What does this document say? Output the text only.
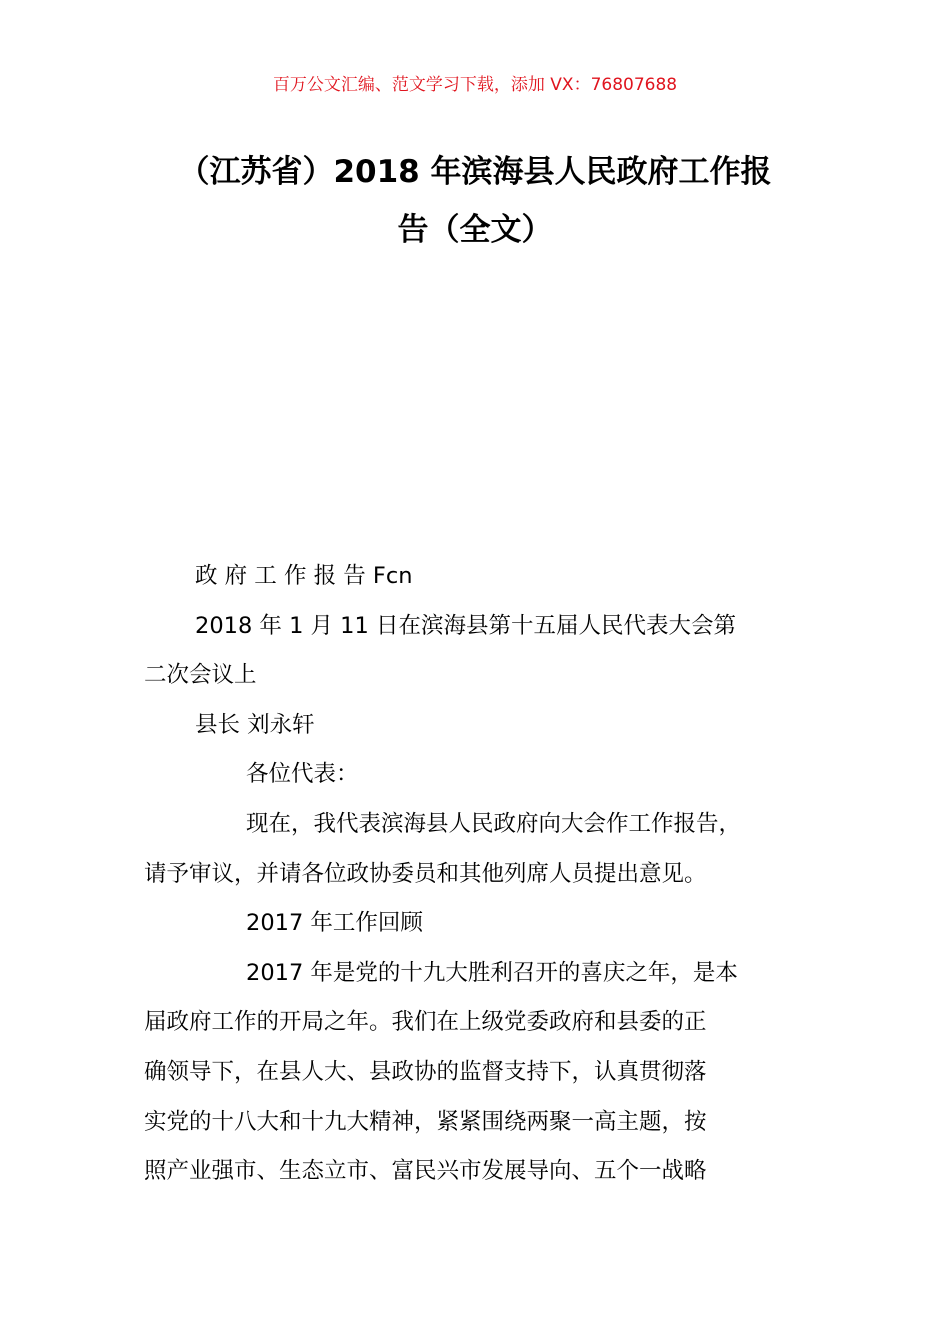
百万公文汇编、范文学习下载，添加 VX：76807688
（江苏省）2018 年滨海县人民政府工作报
告（全文）
政 府 工 作 报 告 Fcn
2018 年 1 月 11 日在滨海县第十五届人民代表大会第
二次会议上
县长 刘永轩
各位代表：
现在，我代表滨海县人民政府向大会作工作报告，
请予审议，并请各位政协委员和其他列席人员提出意见。
2017 年工作回顾
2017 年是党的十九大胜利召开的喜庆之年，是本
届政府工作的开局之年。我们在上级党委政府和县委的正
确领导下，在县人大、县政协的监督支持下，认真贯彻落
实党的十八大和十九大精神，紧紧围绕两聚一高主题，按
照产业强市、生态立市、富民兴市发展导向、五个一战略
